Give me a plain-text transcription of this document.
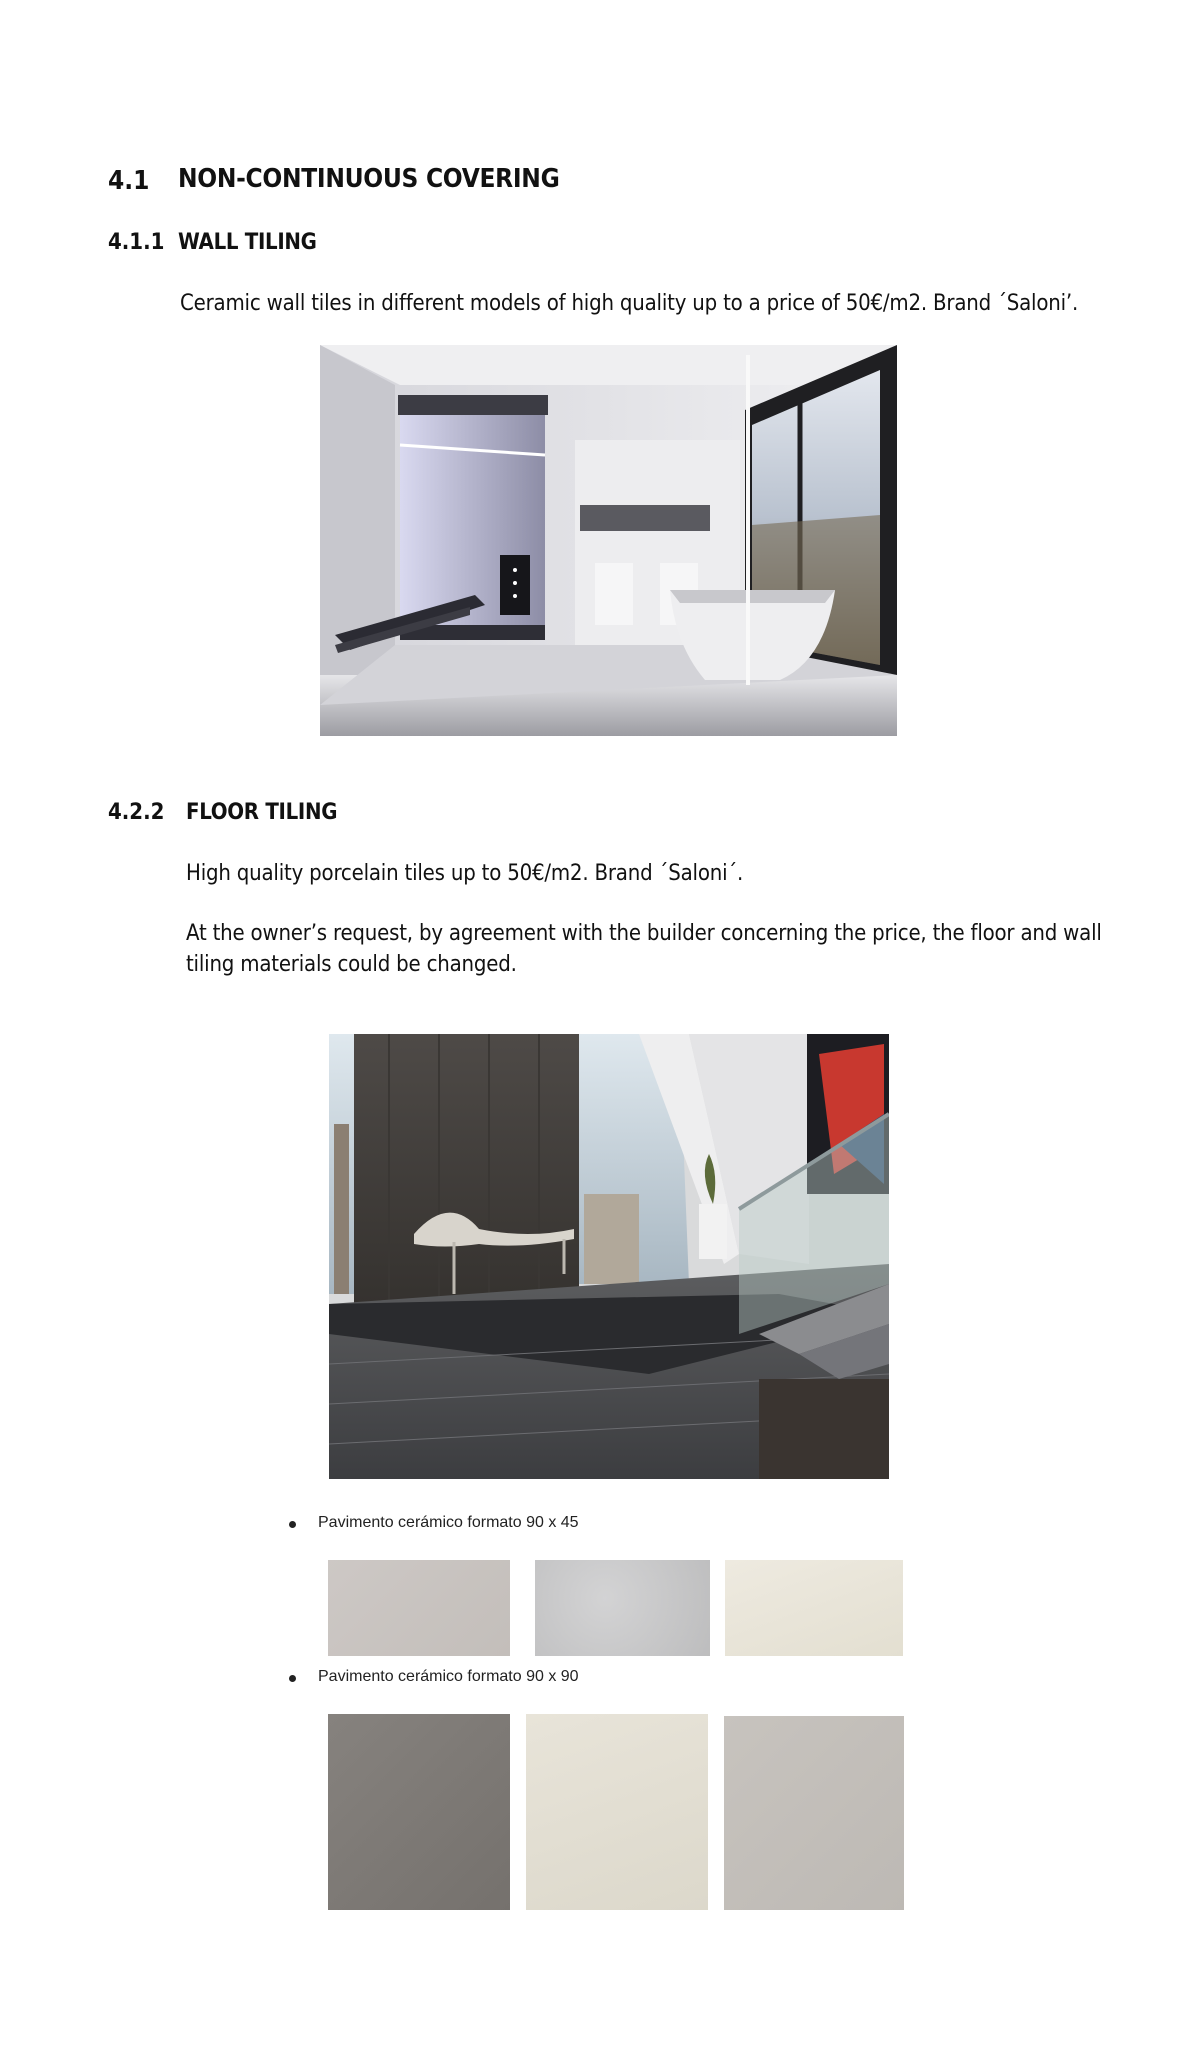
4.1 NON-CONTINUOUS COVERING
4.1.1 WALL TILING
Ceramic wall tiles in different models of high quality up to a price of 50€/m2. Brand ´Saloni’.
4.2.2 FLOOR TILING
High quality porcelain tiles up to 50€/m2. Brand ´Saloni´.
At the owner’s request, by agreement with the builder concerning the price, the floor and wall tiling materials could be changed.
Pavimento cerámico formato 90 x 45
Pavimento cerámico formato 90 x 90
